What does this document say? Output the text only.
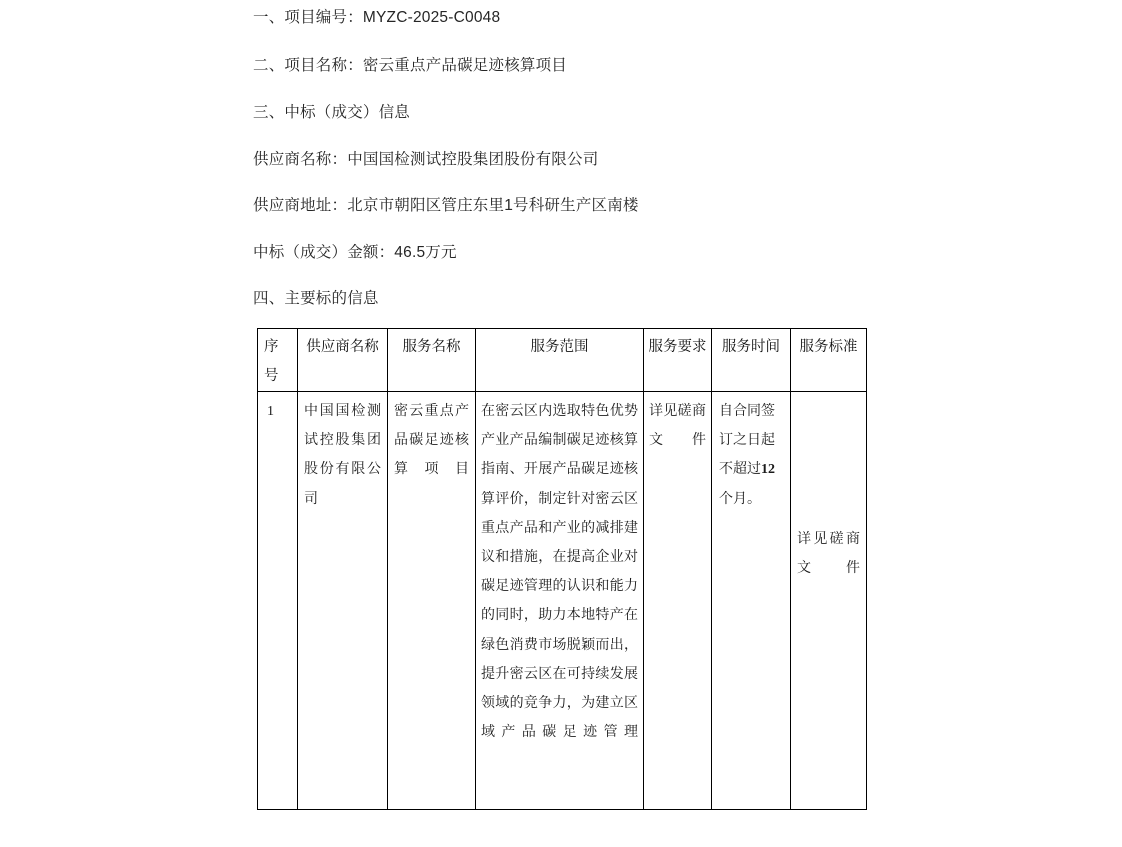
一、项目编号：MYZC-2025-C0048
二、项目名称：密云重点产品碳足迹核算项目
三、中标（成交）信息
供应商名称：中国国检测试控股集团股份有限公司
供应商地址：北京市朝阳区管庄东里1号科研生产区南楼
中标（成交）金额：46.5万元
四、主要标的信息
序号	供应商名称	服务名称	服务范围	服务要求	服务时间	服务标准

1	中国国检测试控股集团股份有限公司	密云重点产品碳足迹核算项目	在密云区内选取特色优势产业产品编制碳足迹核算指南、开展产品碳足迹核算评价，制定针对密云区重点产品和产业的减排建议和措施，在提高企业对碳足迹管理的认识和能力的同时，助力本地特产在绿色消费市场脱颖而出，提升密云区在可持续发展领域的竞争力，为建立区域产品碳足迹管理	详见磋商文件	自合同签订之日起不超过12个月。	详见磋商文件
